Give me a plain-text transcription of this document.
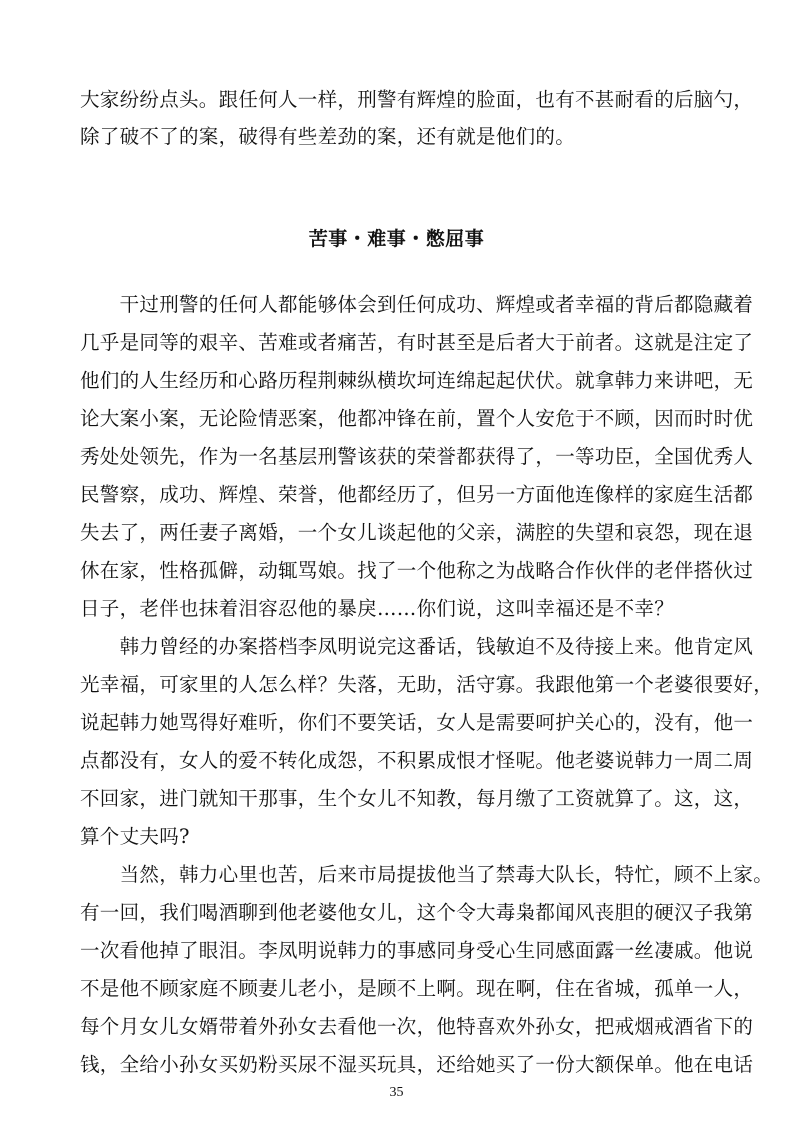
大家纷纷点头。跟任何人一样，刑警有辉煌的脸面，也有不甚耐看的后脑勺，
除了破不了的案，破得有些差劲的案，还有就是他们的。
苦事・难事・憋屈事
　　干过刑警的任何人都能够体会到任何成功、辉煌或者幸福的背后都隐藏着
几乎是同等的艰辛、苦难或者痛苦，有时甚至是后者大于前者。这就是注定了
他们的人生经历和心路历程荆棘纵横坎坷连绵起起伏伏。就拿韩力来讲吧，无
论大案小案，无论险情恶案，他都冲锋在前，置个人安危于不顾，因而时时优
秀处处领先，作为一名基层刑警该获的荣誉都获得了，一等功臣，全国优秀人
民警察，成功、辉煌、荣誉，他都经历了，但另一方面他连像样的家庭生活都
失去了，两任妻子离婚，一个女儿谈起他的父亲，满腔的失望和哀怨，现在退
休在家，性格孤僻，动辄骂娘。找了一个他称之为战略合作伙伴的老伴搭伙过
日子，老伴也抹着泪容忍他的暴戾……你们说，这叫幸福还是不幸？
　　韩力曾经的办案搭档李凤明说完这番话，钱敏迫不及待接上来。他肯定风
光幸福，可家里的人怎么样？失落，无助，活守寡。我跟他第一个老婆很要好，
说起韩力她骂得好难听，你们不要笑话，女人是需要呵护关心的，没有，他一
点都没有，女人的爱不转化成怨，不积累成恨才怪呢。他老婆说韩力一周二周
不回家，进门就知干那事，生个女儿不知教，每月缴了工资就算了。这，这，
算个丈夫吗?
　　当然，韩力心里也苦，后来市局提拔他当了禁毒大队长，特忙，顾不上家。
有一回，我们喝酒聊到他老婆他女儿，这个令大毒枭都闻风丧胆的硬汉子我第
一次看他掉了眼泪。李凤明说韩力的事感同身受心生同感面露一丝凄戚。他说
不是他不顾家庭不顾妻儿老小，是顾不上啊。现在啊，住在省城，孤单一人，
每个月女儿女婿带着外孙女去看他一次，他特喜欢外孙女，把戒烟戒酒省下的
钱，全给小孙女买奶粉买尿不湿买玩具，还给她买了一份大额保单。他在电话
35
